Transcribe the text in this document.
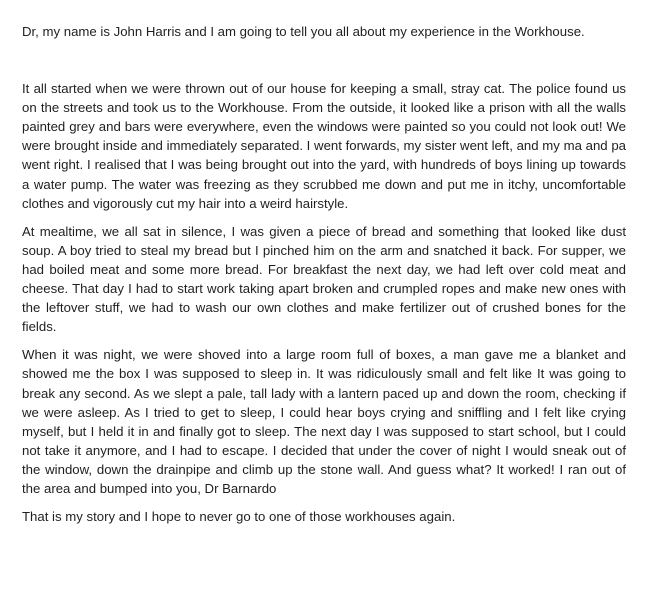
Dr, my name is John Harris and I am going to tell you all about my experience in the Workhouse.

It all started when we were thrown out of our house for keeping a small, stray cat. The police found us on the streets and took us to the Workhouse. From the outside, it looked like a prison with all the walls painted grey and bars were everywhere, even the windows were painted so you could not look out! We were brought inside and immediately separated. I went forwards, my sister went left, and my ma and pa went right. I realised that I was being brought out into the yard, with hundreds of boys lining up towards a water pump. The water was freezing as they scrubbed me down and put me in itchy, uncomfortable clothes and vigorously cut my hair into a weird hairstyle.

At mealtime, we all sat in silence, I was given a piece of bread and something that looked like dust soup. A boy tried to steal my bread but I pinched him on the arm and snatched it back. For supper, we had boiled meat and some more bread. For breakfast the next day, we had left over cold meat and cheese. That day I had to start work taking apart broken and crumpled ropes and make new ones with the leftover stuff, we had to wash our own clothes and make fertilizer out of crushed bones for the fields.

When it was night, we were shoved into a large room full of boxes, a man gave me a blanket and showed me the box I was supposed to sleep in. It was ridiculously small and felt like It was going to break any second. As we slept a pale, tall lady with a lantern paced up and down the room, checking if we were asleep. As I tried to get to sleep, I could hear boys crying and sniffling and I felt like crying myself, but I held it in and finally got to sleep. The next day I was supposed to start school, but I could not take it anymore, and I had to escape. I decided that under the cover of night I would sneak out of the window, down the drainpipe and climb up the stone wall. And guess what? It worked! I ran out of the area and bumped into you, Dr Barnardo

That is my story and I hope to never go to one of those workhouses again.
